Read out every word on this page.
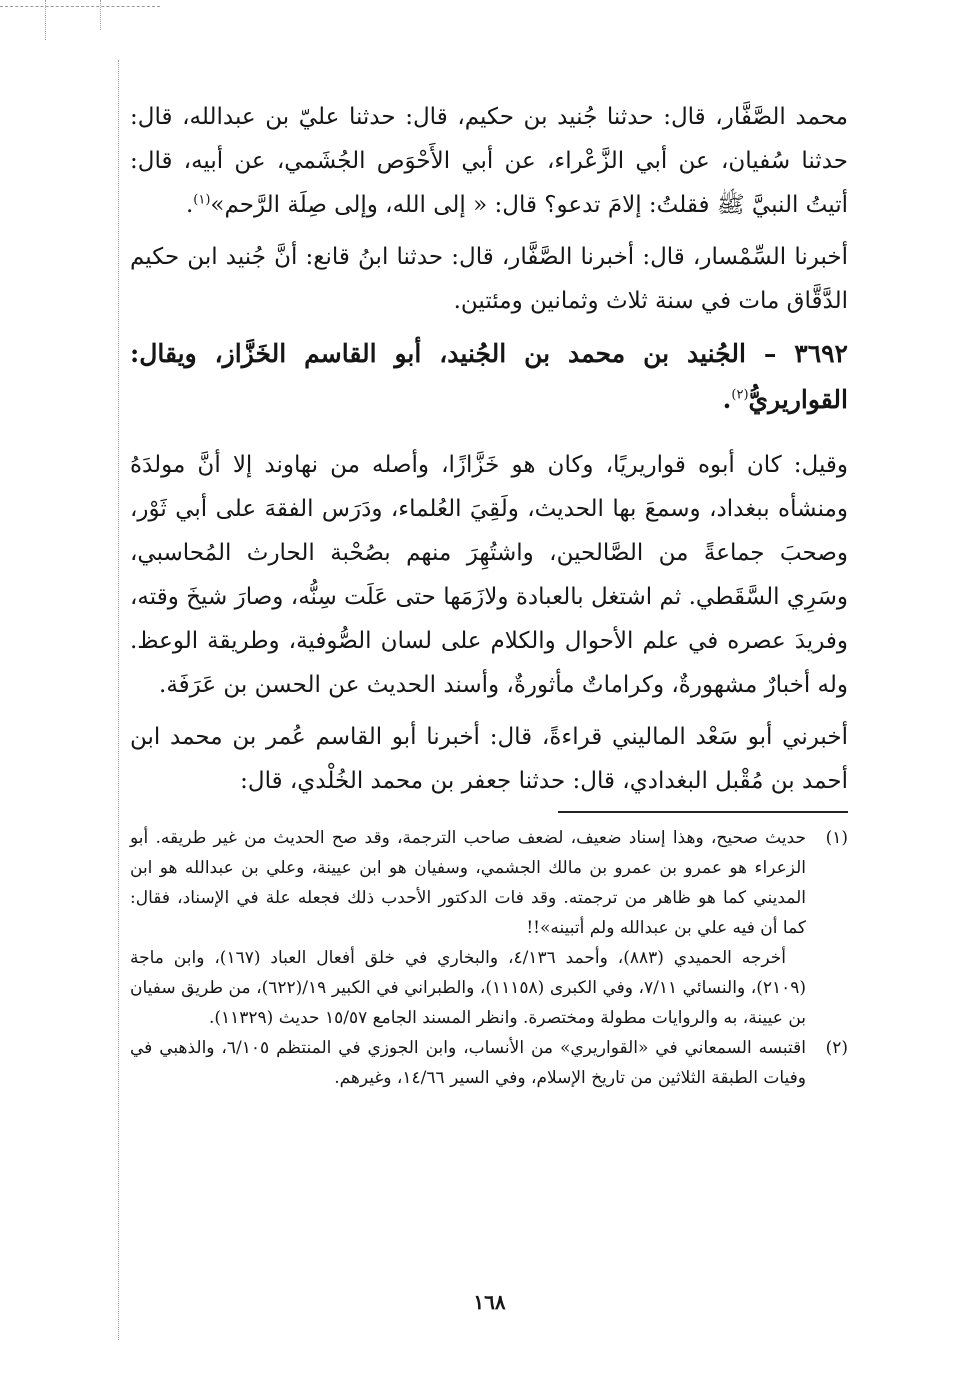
محمد الصَّفَّار، قال: حدثنا جُنيد بن حكيم، قال: حدثنا عليّ بن عبدالله، قال: حدثنا سُفيان، عن أبي الزَّعْراء، عن أبي الأَحْوَص الجُشَمي، عن أبيه، قال: أتيتُ النبيَّ ﷺ فقلتُ: إلامَ تدعو؟ قال: « إلى الله، وإلى صِلَة الرَّحم»$^{(١)}$.

أخبرنا السِّمْسار، قال: أخبرنا الصَّفَّار، قال: حدثنا ابنُ قانع: أنَّ جُنيد ابن حكيم الدَّقَّاق مات في سنة ثلاث وثمانين ومئتين.

٣٦٩٢ – الجُنيد بن محمد بن الجُنيد، أبو القاسم الخَزَّاز، ويقال: القواريريُّ$^{(٢)}$.

وقيل: كان أبوه قواريريًا، وكان هو خَزَّازًا، وأصله من نهاوند إلا أنَّ مولدَهُ ومنشأه ببغداد، وسمعَ بها الحديث، ولَقِيَ العُلماء، ودَرَس الفقهَ على أبي ثَوْر، وصحبَ جماعةً من الصَّالحين، واشتُهِرَ منهم بصُحْبة الحارث المُحاسبي، وسَرِي السَّقَطي. ثم اشتغل بالعبادة ولازَمَها حتى عَلَت سِنُّه، وصارَ شيخَ وقته، وفريدَ عصره في علم الأحوال والكلام على لسان الصُّوفية، وطريقة الوعظ. وله أخبارٌ مشهورةٌ، وكراماتٌ مأثورةٌ، وأسند الحديث عن الحسن بن عَرَفَة.

أخبرني أبو سَعْد الماليني قراءةً، قال: أخبرنا أبو القاسم عُمر بن محمد ابن أحمد بن مُقْبل البغدادي، قال: حدثنا جعفر بن محمد الخُلْدي، قال:

(١)

حديث صحيح، وهذا إسناد ضعيف، لضعف صاحب الترجمة، وقد صح الحديث من غير طريقه. أبو الزعراء هو عمرو بن عمرو بن مالك الجشمي، وسفيان هو ابن عيينة، وعلي بن عبدالله هو ابن المديني كما هو ظاهر من ترجمته. وقد فات الدكتور الأحدب ذلك فجعله علة في الإسناد، فقال: كما أن فيه علي بن عبدالله ولم أتبينه»!!

أخرجه الحميدي (٨٨٣)، وأحمد ٤/١٣٦، والبخاري في خلق أفعال العباد (١٦٧)، وابن ماجة (٢١٠٩)، والنسائي ٧/١١، وفي الكبرى (١١١٥٨)، والطبراني في الكبير ١٩/(٦٢٢)، من طريق سفيان بن عيينة، به والروايات مطولة ومختصرة. وانظر المسند الجامع ١٥/٥٧ حديث (١١٣٢٩).

(٢)

اقتبسه السمعاني في «القواريري» من الأنساب، وابن الجوزي في المنتظم ٦/١٠٥، والذهبي في وفيات الطبقة الثلاثين من تاريخ الإسلام، وفي السير ١٤/٦٦، وغيرهم.

١٦٨
